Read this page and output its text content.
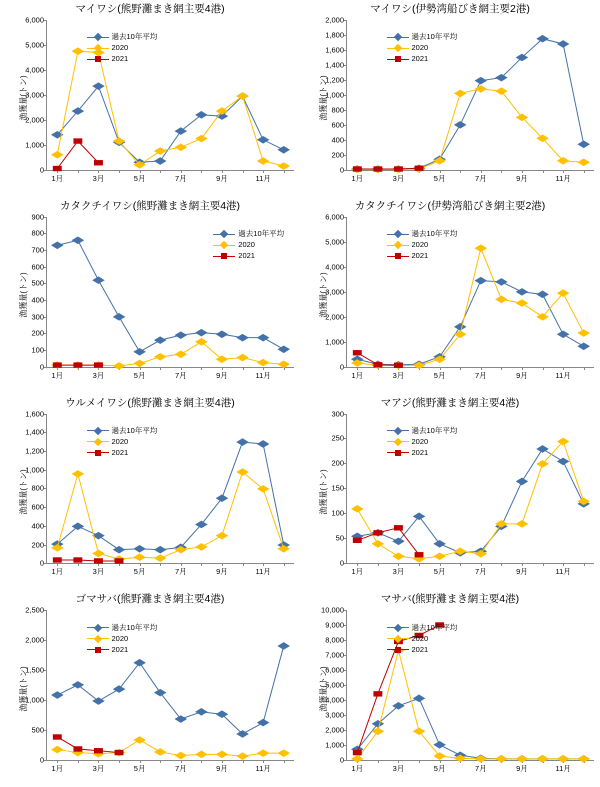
マイワシ(熊野灘まき網主要4港)
漁獲量(トン)
0
1,000
2,000
3,000
4,000
5,000
6,000
1月	3月	5月	7月	9月	11月
過去10年平均
2020
2021
マイワシ(伊勢湾船びき網主要2港)
漁獲量(トン)
0
200
400
600
800
1,000
1,200
1,400
1,600
1,800
2,000
1月	3月	5月	7月	9月	11月
過去10年平均
2020
2021
カタクチイワシ(熊野灘まき網主要4港)
漁獲量(トン)
0
100
200
300
400
500
600
700
800
900
1月	3月	5月	7月	9月	11月
過去10年平均
2020
2021
カタクチイワシ(伊勢湾船びき網主要2港)
漁獲量(トン)
0
1,000
2,000
3,000
4,000
5,000
6,000
1月	3月	5月	7月	9月	11月
過去10年平均
2020
2021
ウルメイワシ(熊野灘まき網主要4港)
漁獲量(トン)
0
200
400
600
800
1,000
1,200
1,400
1,600
1月	3月	5月	7月	9月	11月
過去10年平均
2020
2021
マアジ(熊野灘まき網主要4港)
漁獲量(トン)
0
50
100
150
200
250
300
1月	3月	5月	7月	9月	11月
過去10年平均
2020
2021
ゴマサバ(熊野灘まき網主要4港)
漁獲量(トン)
0
500
1,000
1,500
2,000
2,500
1月	3月	5月	7月	9月	11月
過去10年平均
2020
2021
マサバ(熊野灘まき網主要4港)
漁獲量(トン)
0
1,000
2,000
3,000
4,000
5,000
6,000
7,000
8,000
9,000
10,000
1月	3月	5月	7月	9月	11月
過去10年平均
2020
2021
